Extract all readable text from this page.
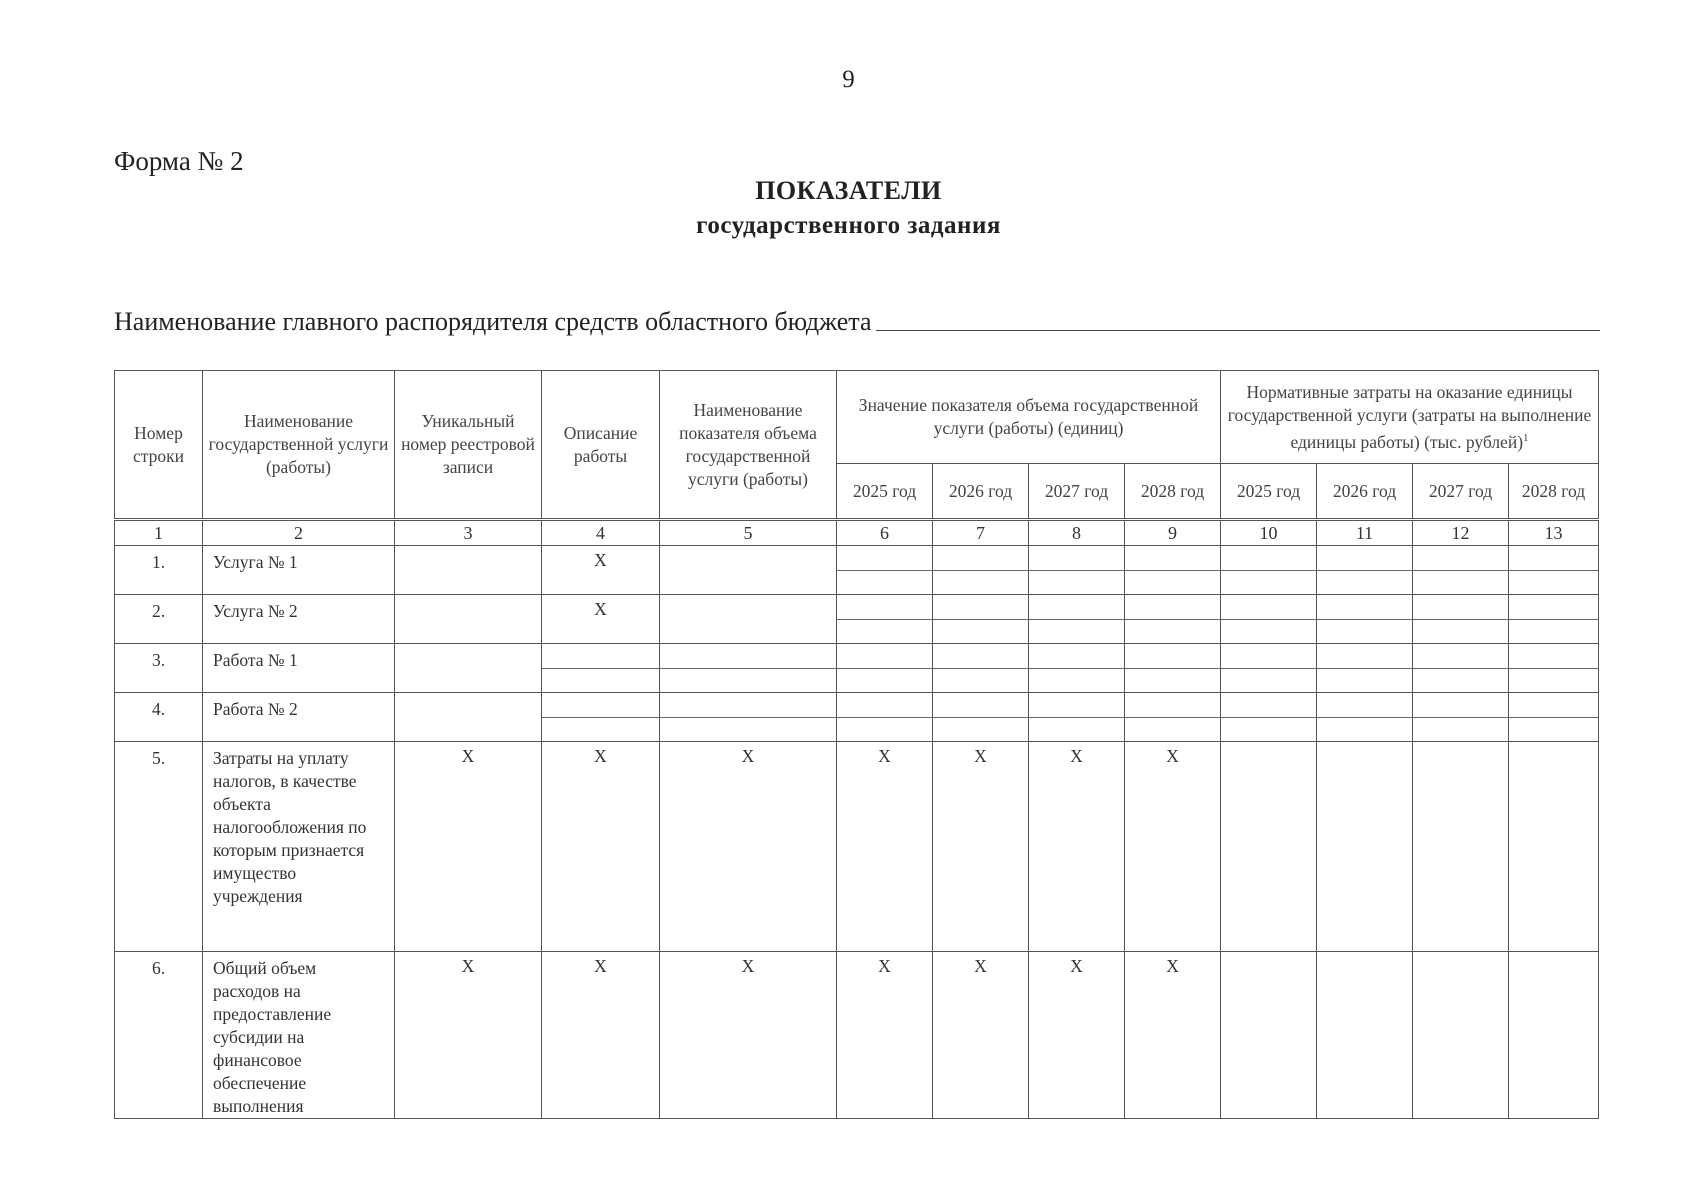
9
Форма № 2
ПОКАЗАТЕЛИ
государственного задания
Наименование главного распорядителя средств областного бюджета
Номер строки	Наименование государственной услуги (работы)	Уникальный номер реестровой записи	Описание работы	Наименование показателя объема государственной услуги (работы)	Значение показателя объема государственной услуги (работы) (единиц)				Нормативные затраты на оказание единицы государственной услуги (затраты на выполнение единицы работы) (тыс. рублей)$^1$
					2025 год	2026 год	2027 год	2028 год	2025 год	2026 год	2027 год	2028 год
1	2	3	4	5	6	7	8	9	10	11	12	13
1.	Услуга № 1		X		

2.	Услуга № 2		X		

3.	Работа № 1		

4.	Работа № 2		

5.	Затраты на уплату налогов, в качестве объекта налогообложения по которым признается имущество учреждения	X	X	X	X	X	X	X				
6.	Общий объем расходов на предоставление субсидии на финансовое обеспечение выполнения	X	X	X	X	X	X	X				
